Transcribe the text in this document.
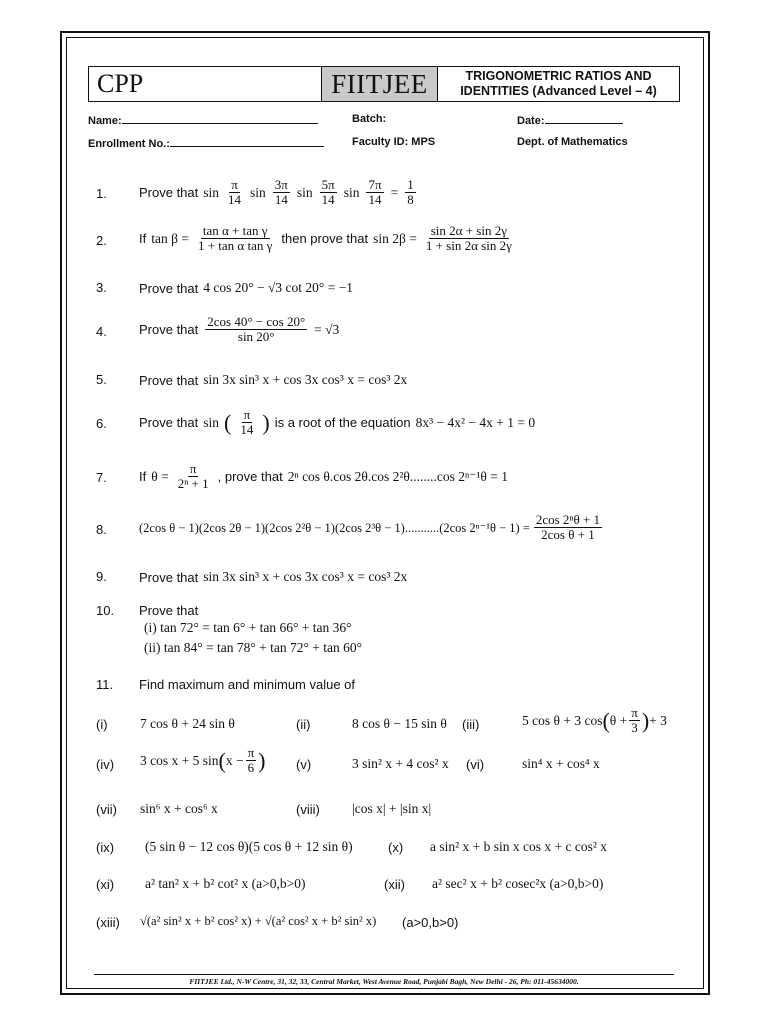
CPP	FIITJEE	TRIGONOMETRIC RATIOS AND
IDENTITIES (Advanced Level – 4)
Name:	Batch:	Date:
Enrollment No.:	Faculty ID: MPS	Dept. of Mathematics
1. Prove that $\sin \frac{\pi}{14}$ $\sin \frac{3\pi}{14}$ $\sin \frac{5\pi}{14}$ $\sin \frac{7\pi}{14} = \frac{1}{8}$
2. If $\tan \beta = \frac{\text{tan α + tan γ}}{\text{1 + tan α tan γ}}$ then prove that $\sin 2\beta = \frac{\sin 2\alpha + \sin 2\gamma}{\text{1 + sin 2α sin 2γ}}$
3. Prove that 4 cos 20° − √3 cot 20° = −1
4. Prove that $\frac{2\cos 40^\circ - \cos 20^\circ}{\sin 20^\circ} = √3$
5. Prove that sin 3x sin³ x + cos 3x cos³ x = cos³ 2x
6. Prove that sin ( $\frac{\pi}{14}$ ) is a root of the equation 8x³ − 4x² − 4x + 1 = 0
7. If $\theta = \frac{\pi}{\text{2ⁿ + 1}}$ , prove that 2ⁿ cos θ.cos 2θ.cos 2²θ........cos 2ⁿ⁻¹θ = 1
8.	(2cos θ − 1)(2cos 2θ − 1)(2cos 2²θ − 1)(2cos 2³θ − 1)...........(2cos $2^{n-1}\theta - 1) = \frac{\text{2cos 2ⁿθ + 1}}{\text{2cos θ + 1}}$
9. Prove that sin 3x sin³ x + cos 3x cos³ x = cos³ 2x
10. Prove that
(i) tan 72° = tan 6° + tan 66° + tan 36°
(ii) tan 84° = tan 78° + tan 72° + tan 60°
11. Find maximum and minimum value of
(i) 7 cos θ + 24 sin θ	(ii)	8 cos θ − 15 sin θ (iii)	5 cos θ + 3 cos ( $\theta + \frac{\pi}{3}$ ) + 3
(iv) 3 cos x + 5 sin ( $x - \frac{\pi}{6}$ ) (v)	3 sin² x + 4 cos² x (vi)	sin⁴ x + cos⁴ x
(vii) sin⁶ x + cos⁶ x	(viii) |cos x| + |sin x|
(ix) (5 sin θ − 12 cos θ)(5 cos θ + 12 sin θ)	(x) a sin² x + b sin x cos x + c cos² x
(xi) a² tan² x + b² cot² x (a>0,b>0)	(xii) a² sec² x + b² cosec²x (a>0,b>0)
(xiii) √(a² sin² x + b² cos² x) + √(a² cos² x + b² sin² x) (a>0,b>0)
FIITJEE Ltd., N-W Centre, 31, 32, 33, Central Market, West Avenue Road, Punjabi Bagh, New Delhi - 26, Ph: 011-45634000.
